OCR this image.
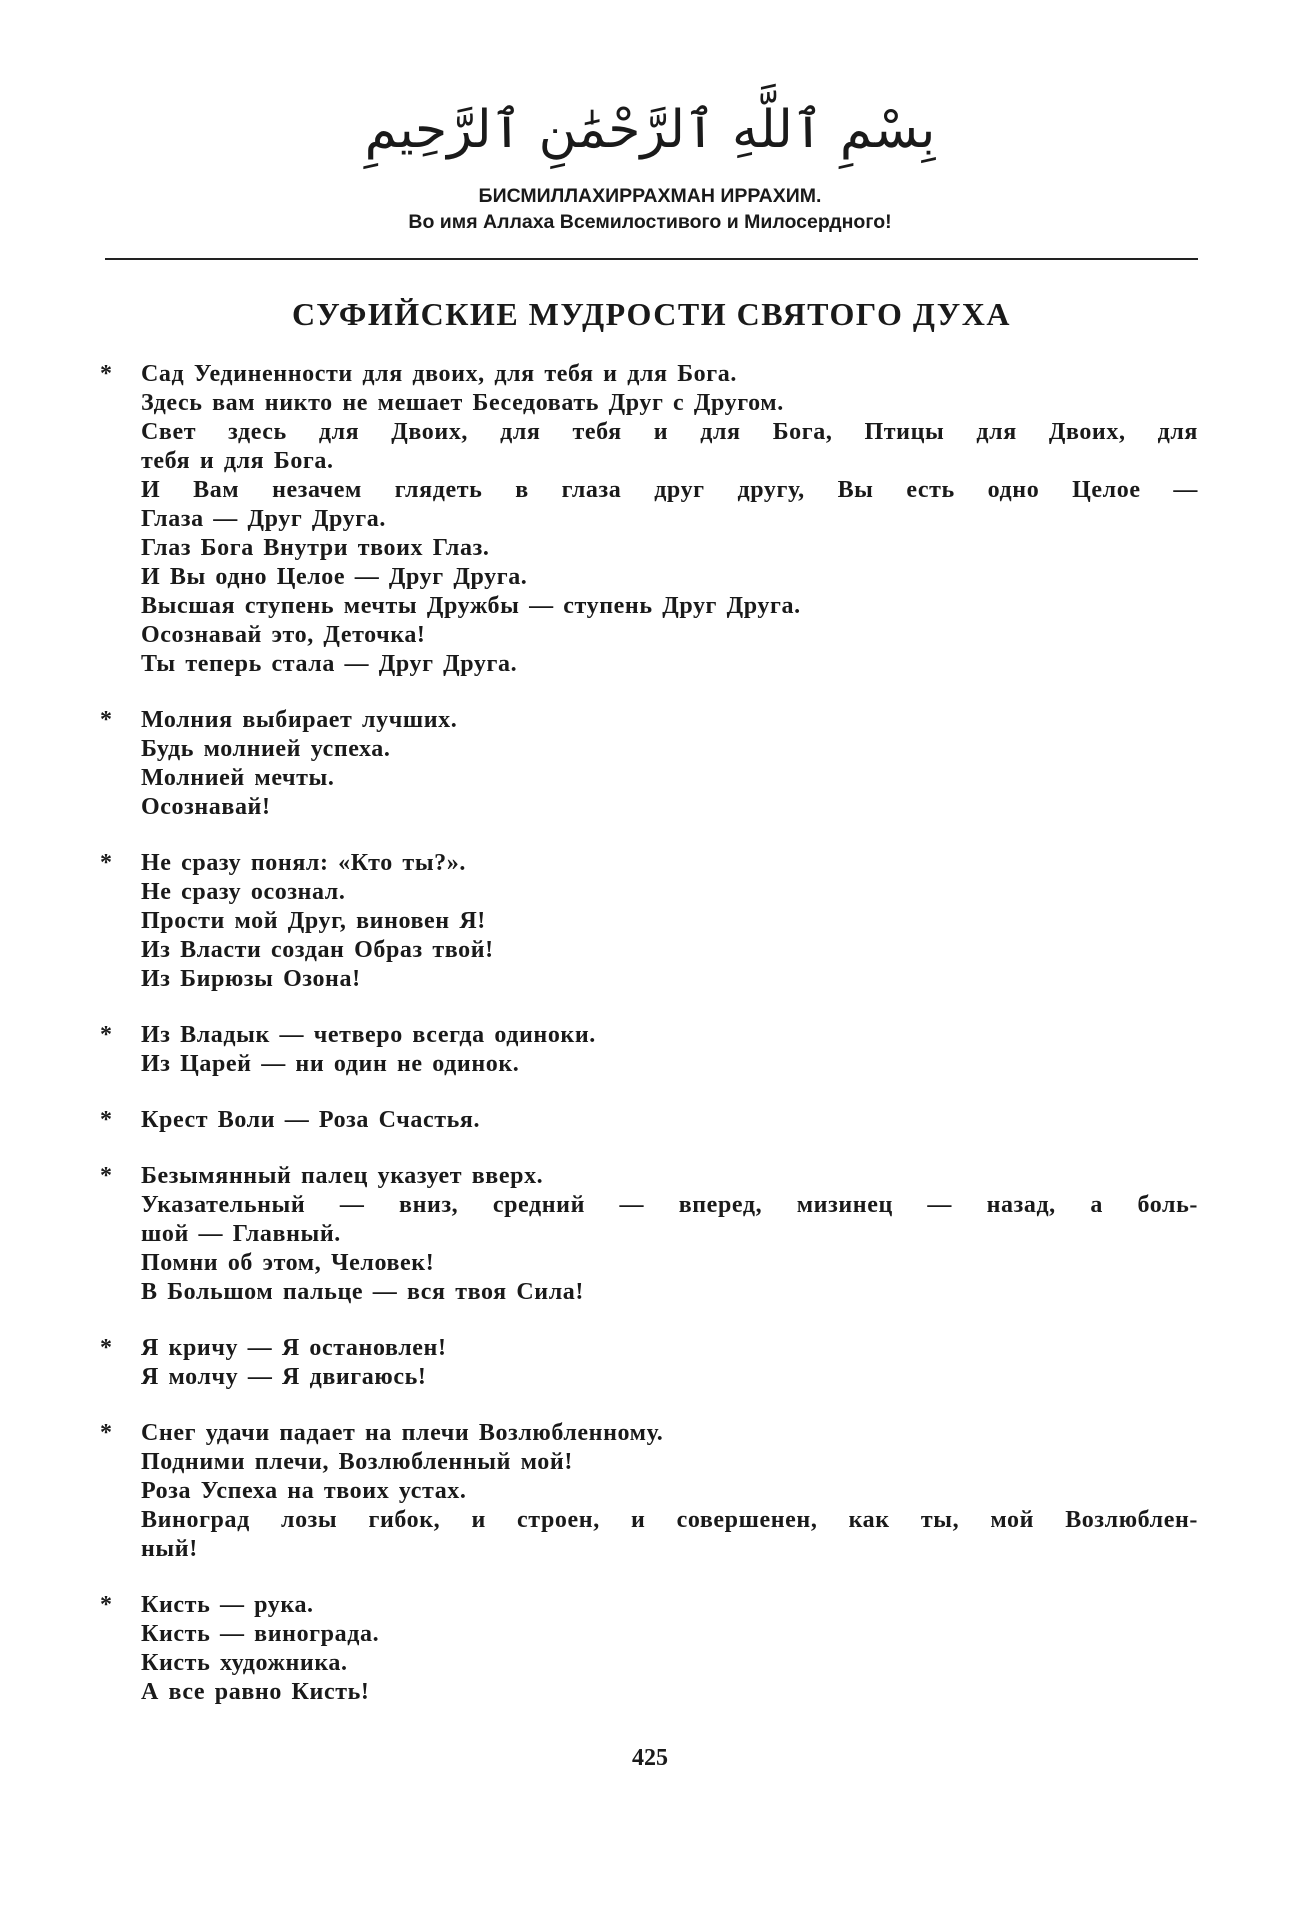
بِسْمِ ٱللَّهِ ٱلرَّحْمَٰنِ ٱلرَّحِيمِ
БИСМИЛЛАХИРРАХМАН ИРРАХИМ.
Во имя Аллаха Всемилостивого и Милосердного!
СУФИЙСКИЕ МУДРОСТИ СВЯТОГО ДУХА
* Сад Уединенности для двоих, для тебя и для Бога.
Здесь вам никто не мешает Беседовать Друг с Другом.
Свет здесь для Двоих, для тебя и для Бога, Птицы для Двоих, для
тебя и для Бога.
И Вам незачем глядеть в глаза друг другу, Вы есть одно Целое —
Глаза — Друг Друга.
Глаз Бога Внутри твоих Глаз.
И Вы одно Целое — Друг Друга.
Высшая ступень мечты Дружбы — ступень Друг Друга.
Осознавай это, Деточка!
Ты теперь стала — Друг Друга.
* Молния выбирает лучших.
Будь молнией успеха.
Молнией мечты.
Осознавай!
* Не сразу понял: «Кто ты?».
Не сразу осознал.
Прости мой Друг, виновен Я!
Из Власти создан Образ твой!
Из Бирюзы Озона!
* Из Владык — четверо всегда одиноки.
Из Царей — ни один не одинок.
* Крест Воли — Роза Счастья.
* Безымянный палец указует вверх.
Указательный — вниз, средний — вперед, мизинец — назад, а боль-
шой — Главный.
Помни об этом, Человек!
В Большом пальце — вся твоя Сила!
* Я кричу — Я остановлен!
Я молчу — Я двигаюсь!
* Снег удачи падает на плечи Возлюбленному.
Подними плечи, Возлюбленный мой!
Роза Успеха на твоих устах.
Виноград лозы гибок, и строен, и совершенен, как ты, мой Возлюблен-
ный!
* Кисть — рука.
Кисть — винограда.
Кисть художника.
А все равно Кисть!
425
